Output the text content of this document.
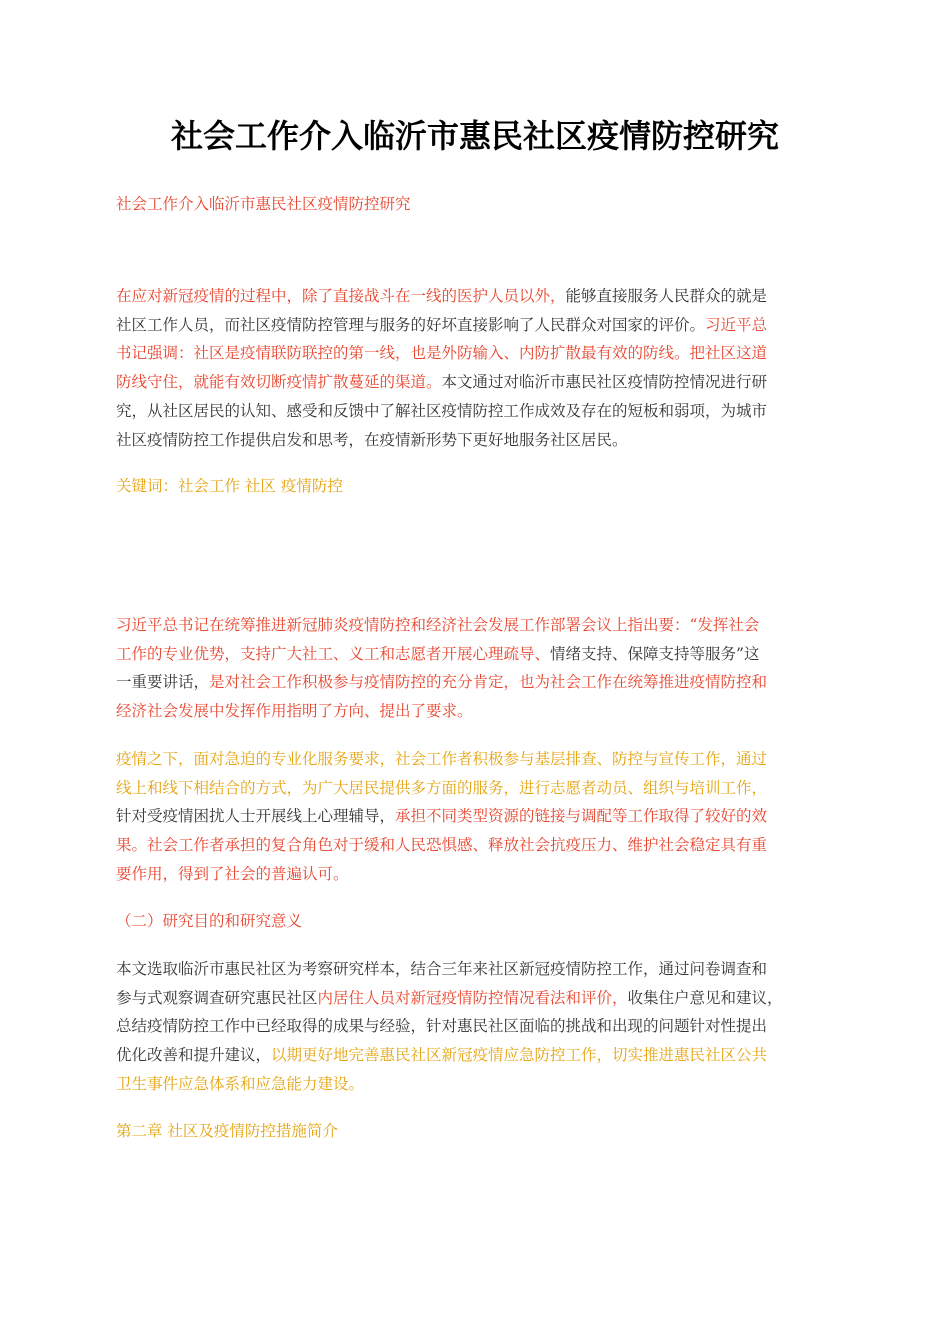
社会工作介入临沂市惠民社区疫情防控研究

社会工作介入临沂市惠民社区疫情防控研究

在应对新冠疫情的过程中，除了直接战斗在一线的医护人员以外，能够直接服务人民群众的就是
社区工作人员，而社区疫情防控管理与服务的好坏直接影响了人民群众对国家的评价。习近平总
书记强调：社区是疫情联防联控的第一线，也是外防输入、内防扩散最有效的防线。把社区这道
防线守住，就能有效切断疫情扩散蔓延的渠道。本文通过对临沂市惠民社区疫情防控情况进行研
究，从社区居民的认知、感受和反馈中了解社区疫情防控工作成效及存在的短板和弱项，为城市
社区疫情防控工作提供启发和思考，在疫情新形势下更好地服务社区居民。

关键词：社会工作 社区 疫情防控

习近平总书记在统筹推进新冠肺炎疫情防控和经济社会发展工作部署会议上指出要：“发挥社会
工作的专业优势，支持广大社工、义工和志愿者开展心理疏导、情绪支持、保障支持等服务”这
一重要讲话，是对社会工作积极参与疫情防控的充分肯定，也为社会工作在统筹推进疫情防控和
经济社会发展中发挥作用指明了方向、提出了要求。
疫情之下，面对急迫的专业化服务要求，社会工作者积极参与基层排查、防控与宣传工作，通过
线上和线下相结合的方式，为广大居民提供多方面的服务，进行志愿者动员、组织与培训工作，
针对受疫情困扰人士开展线上心理辅导，承担不同类型资源的链接与调配等工作取得了较好的效
果。社会工作者承担的复合角色对于缓和人民恐惧感、释放社会抗疫压力、维护社会稳定具有重
要作用，得到了社会的普遍认可。

（二）研究目的和研究意义

本文选取临沂市惠民社区为考察研究样本，结合三年来社区新冠疫情防控工作，通过问卷调查和
参与式观察调查研究惠民社区内居住人员对新冠疫情防控情况看法和评价，收集住户意见和建议，
总结疫情防控工作中已经取得的成果与经验，针对惠民社区面临的挑战和出现的问题针对性提出
优化改善和提升建议，以期更好地完善惠民社区新冠疫情应急防控工作，切实推进惠民社区公共
卫生事件应急体系和应急能力建设。

第二章 社区及疫情防控措施简介
